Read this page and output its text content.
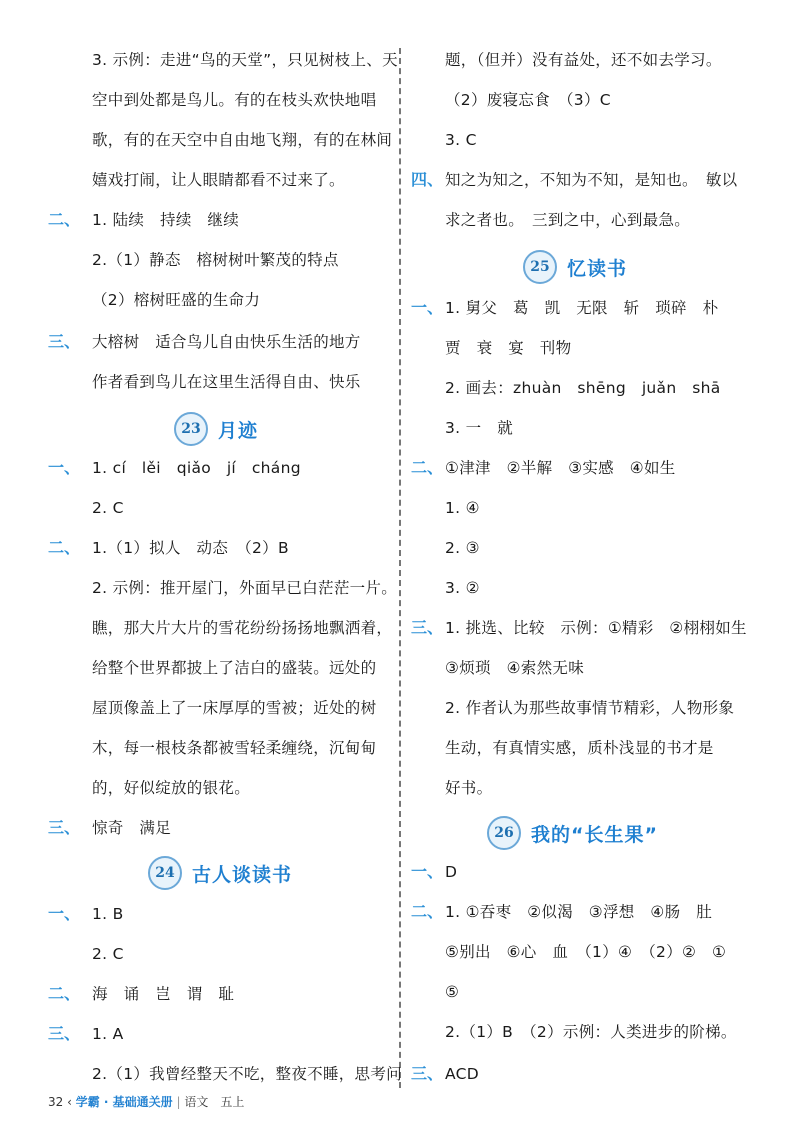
3. 示例：走进“鸟的天堂”，只见树枝上、天
空中到处都是鸟儿。有的在枝头欢快地唱
歌，有的在天空中自由地飞翔，有的在林间
嬉戏打闹，让人眼睛都看不过来了。
二、 1. 陆续　持续　继续
2.（1）静态　榕树树叶繁茂的特点
（2）榕树旺盛的生命力
三、 大榕树　适合鸟儿自由快乐生活的地方
作者看到鸟儿在这里生活得自由、快乐
23 月迹
一、 1. cí　lěi　qiǎo　jí　cháng
2. C
二、 1.（1）拟人　动态　（2）B
2. 示例：推开屋门，外面早已白茫茫一片。
瞧，那大片大片的雪花纷纷扬扬地飘洒着，
给整个世界都披上了洁白的盛装。远处的
屋顶像盖上了一床厚厚的雪被；近处的树
木，每一根枝条都被雪轻柔缠绕，沉甸甸
的，好似绽放的银花。
三、 惊奇　满足
24 古人谈读书
一、 1. B
2. C
二、 海　诵　岂　谓　耻
三、 1. A
2.（1）我曾经整天不吃，整夜不睡，思考问
题，（但并）没有益处，还不如去学习。
（2）废寝忘食　（3）C
3. C
四、 知之为知之，不知为不知，是知也。　敏以
求之者也。　三到之中，心到最急。
25 忆读书
一、 1. 舅父　葛　凯　无限　斩　琐碎　朴
贾　衰　宴　刊物
2. 画去：zhuàn　shēng　juǎn　shā
3. 一　就
二、 ①津津　②半解　③实感　④如生
1. ④
2. ③
3. ②
三、 1. 挑选、比较　示例：①精彩　②栩栩如生
③烦琐　④索然无味
2. 作者认为那些故事情节精彩，人物形象
生动，有真情实感，质朴浅显的书才是
好书。
26 我的“长生果”
一、 D
二、 1. ①吞枣　②似渴　③浮想　④肠　肚
⑤别出　⑥心　血　（1）④　（2）②　①
⑤
2.（1）B　（2）示例：人类进步的阶梯。
三、 ACD
32 ‹ 学霸 · 基础通关册 | 语文　五上
